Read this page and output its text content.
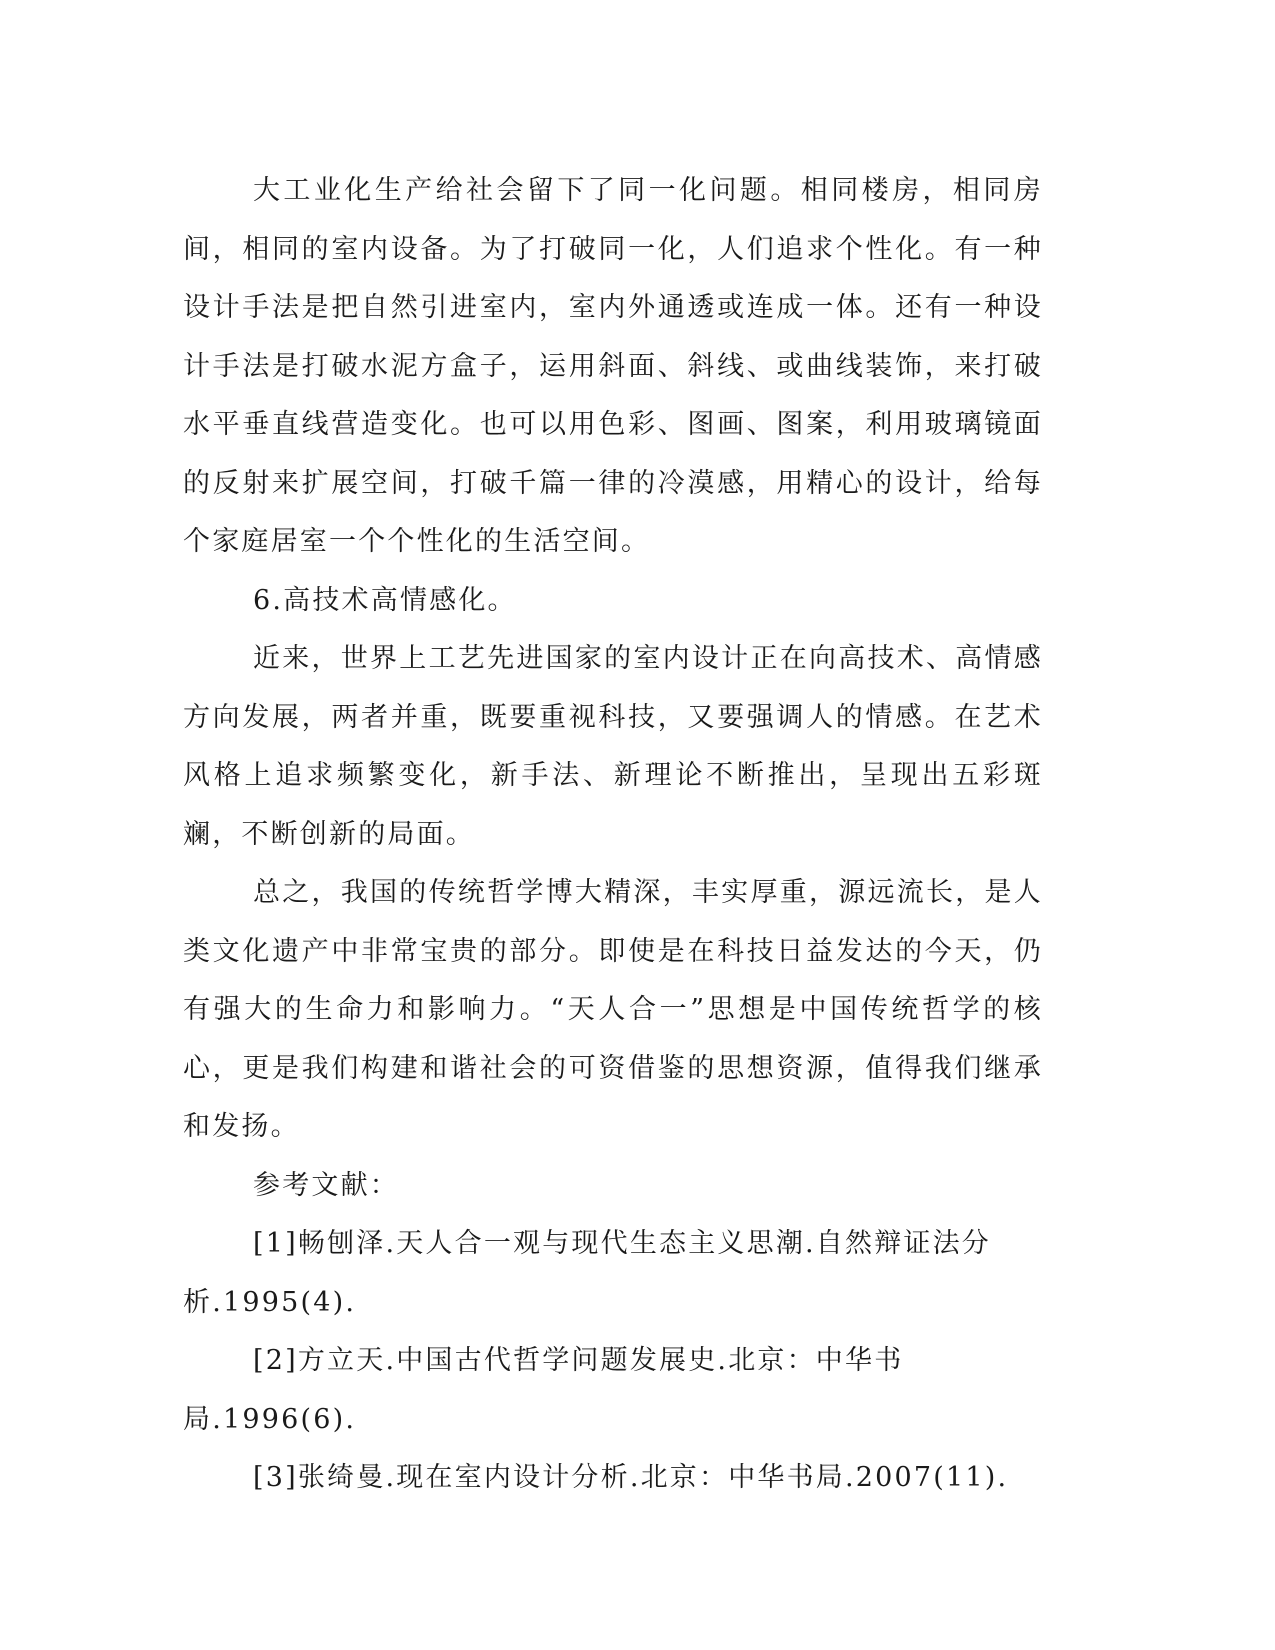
大工业化生产给社会留下了同一化问题。相同楼房，相同房间，相同的室内设备。为了打破同一化，人们追求个性化。有一种设计手法是把自然引进室内，室内外通透或连成一体。还有一种设计手法是打破水泥方盒子，运用斜面、斜线、或曲线装饰，来打破水平垂直线营造变化。也可以用色彩、图画、图案，利用玻璃镜面的反射来扩展空间，打破千篇一律的冷漠感，用精心的设计，给每个家庭居室一个个性化的生活空间。

6.高技术高情感化。

近来，世界上工艺先进国家的室内设计正在向高技术、高情感方向发展，两者并重，既要重视科技，又要强调人的情感。在艺术风格上追求频繁变化，新手法、新理论不断推出，呈现出五彩斑斓，不断创新的局面。

总之，我国的传统哲学博大精深，丰实厚重，源远流长，是人类文化遗产中非常宝贵的部分。即使是在科技日益发达的今天，仍有强大的生命力和影响力。“天人合一”思想是中国传统哲学的核心，更是我们构建和谐社会的可资借鉴的思想资源，值得我们继承和发扬。

参考文献：

[1]畅刨泽.天人合一观与现代生态主义思潮.自然辩证法分析.1995(4).

[2]方立天.中国古代哲学问题发展史.北京：中华书局.1996(6).

[3]张绮曼.现在室内设计分析.北京：中华书局.2007(11).
